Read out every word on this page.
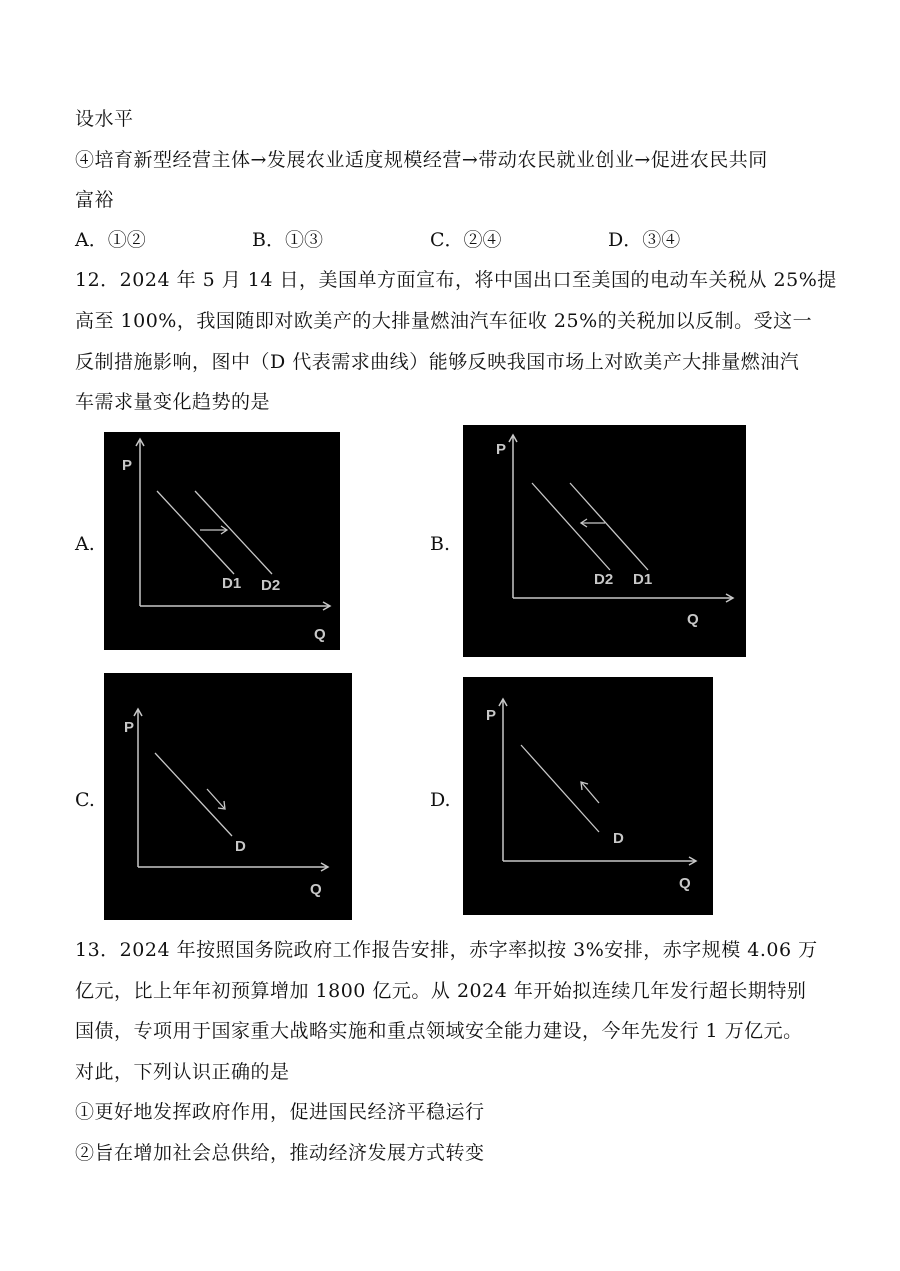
设水平
④培育新型经营主体→发展农业适度规模经营→带动农民就业创业→促进农民共同
富裕
A．①②	B．①③	C．②④	D．③④
12．2024 年 5 月 14 日，美国单方面宣布，将中国出口至美国的电动车关税从 25%提
高至 100%，我国随即对欧美产的大排量燃油汽车征收 25%的关税加以反制。受这一
反制措施影响，图中（D 代表需求曲线）能够反映我国市场上对欧美产大排量燃油汽
车需求量变化趋势的是
A.
P
Q
D1 D2
B.
P
Q
D2 D1
C.
P
Q
D
D.
P
Q
D
13．2024 年按照国务院政府工作报告安排，赤字率拟按 3%安排，赤字规模 4.06 万
亿元，比上年年初预算增加 1800 亿元。从 2024 年开始拟连续几年发行超长期特别
国债，专项用于国家重大战略实施和重点领域安全能力建设，今年先发行 1 万亿元。
对此，下列认识正确的是
①更好地发挥政府作用，促进国民经济平稳运行
②旨在增加社会总供给，推动经济发展方式转变
